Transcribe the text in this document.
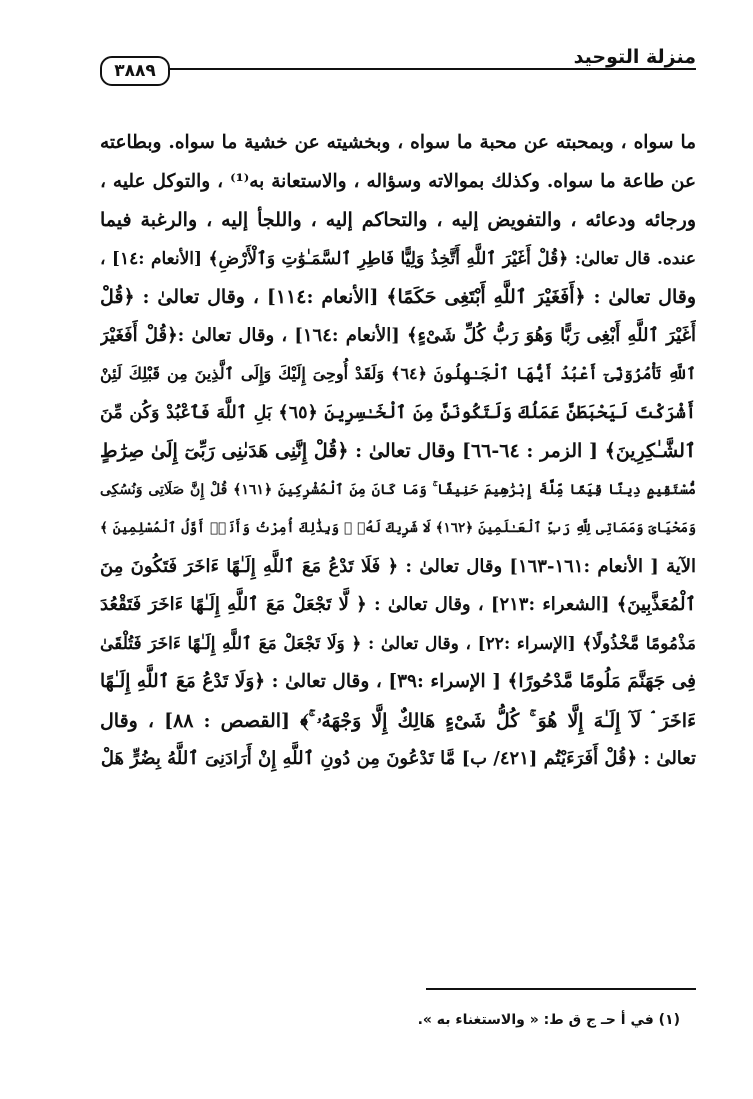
منزلة التوحيد
٣٨٨٩
ما سواه ، وبمحبته عن محبة ما سواه ، وبخشيته عن خشية ما سواه. وبطاعته
عن طاعة ما سواه. وكذلك بموالاته وسؤاله ، والاستعانة به⁽¹⁾ ، والتوكل عليه ،
ورجائه ودعائه ، والتفويض إليه ، والتحاكم إليه ، واللجأ إليه ، والرغبة فيما
عنده. قال تعالىٰ: ﴿قُلْ أَغَيْرَ ٱللَّهِ أَتَّخِذُ وَلِيًّا فَاطِرِ ٱلسَّمَـٰوَٰتِ وَٱلْأَرْضِ﴾ [الأنعام :١٤] ،
وقال تعالىٰ : ﴿أَفَغَيْرَ ٱللَّهِ أَبْتَغِى حَكَمًا﴾ [الأنعام :١١٤] ، وقال تعالىٰ : ﴿قُلْ
أَغَيْرَ ٱللَّهِ أَبْغِى رَبًّا وَهُوَ رَبُّ كُلِّ شَىْءٍ﴾ [الأنعام :١٦٤] ، وقال تعالىٰ :﴿قُلْ أَفَغَيْرَ
ٱللَّهِ تَأْمُرُوٓنِّىٓ أَعْبُدُ أَيُّهَا ٱلْجَـٰهِلُونَ ﴿٦٤﴾ وَلَقَدْ أُوحِىَ إِلَيْكَ وَإِلَى ٱلَّذِينَ مِن قَبْلِكَ لَئِنْ
أَشْرَكْتَ لَيَحْبَطَنَّ عَمَلُكَ وَلَتَكُونَنَّ مِنَ ٱلْخَـٰسِرِينَ ﴿٦٥﴾ بَلِ ٱللَّهَ فَٱعْبُدْ وَكُن مِّنَ
ٱلشَّـٰكِرِينَ﴾ [ الزمر : ٦٤-٦٦] وقال تعالىٰ : ﴿قُلْ إِنَّنِى هَدَىٰنِى رَبِّىٓ إِلَىٰ صِرَٰطٍ
مُّسْتَقِيمٍ دِينًا قِيَمًا مِّلَّةَ إِبْرَٰهِيمَ حَنِيفًا ۚ وَمَا كَانَ مِنَ ٱلْمُشْرِكِينَ ﴿١٦١﴾ قُلْ إِنَّ صَلَاتِى وَنُسُكِى
وَمَحْيَاىَ وَمَمَاتِى لِلَّهِ رَبِّ ٱلْعَـٰلَمِينَ ﴿١٦٢﴾ لَا شَرِيكَ لَهُۥ ۖ وَبِذَٰلِكَ أُمِرْتُ وَأَنَا۠ أَوَّلُ ٱلْمُسْلِمِينَ ﴾
الآية [ الأنعام :١٦١-١٦٣] وقال تعالىٰ : ﴿ فَلَا تَدْعُ مَعَ ٱللَّهِ إِلَـٰهًا ءَاخَرَ فَتَكُونَ مِنَ
ٱلْمُعَذَّبِينَ﴾ [الشعراء :٢١٣] ، وقال تعالىٰ : ﴿ لَّا تَجْعَلْ مَعَ ٱللَّهِ إِلَـٰهًا ءَاخَرَ فَتَقْعُدَ
مَذْمُومًا مَّخْذُولًا﴾ [الإسراء :٢٢] ، وقال تعالىٰ : ﴿ وَلَا تَجْعَلْ مَعَ ٱللَّهِ إِلَـٰهًا ءَاخَرَ فَتُلْقَىٰ
فِى جَهَنَّمَ مَلُومًا مَّدْحُورًا﴾ [ الإسراء :٣٩] ، وقال تعالىٰ : ﴿وَلَا تَدْعُ مَعَ ٱللَّهِ إِلَـٰهًا
ءَاخَرَ ۘ لَآ إِلَـٰهَ إِلَّا هُوَ ۚ كُلُّ شَىْءٍ هَالِكٌ إِلَّا وَجْهَهُۥ ۚ﴾ [القصص : ٨٨] ، وقال
تعالىٰ : ﴿قُلْ أَفَرَءَيْتُم [٤٢١/ ب] مَّا تَدْعُونَ مِن دُونِ ٱللَّهِ إِنْ أَرَادَنِىَ ٱللَّهُ بِضُرٍّ هَلْ
(١) في أ حـ ج ق ط: « والاستغناء به ».
